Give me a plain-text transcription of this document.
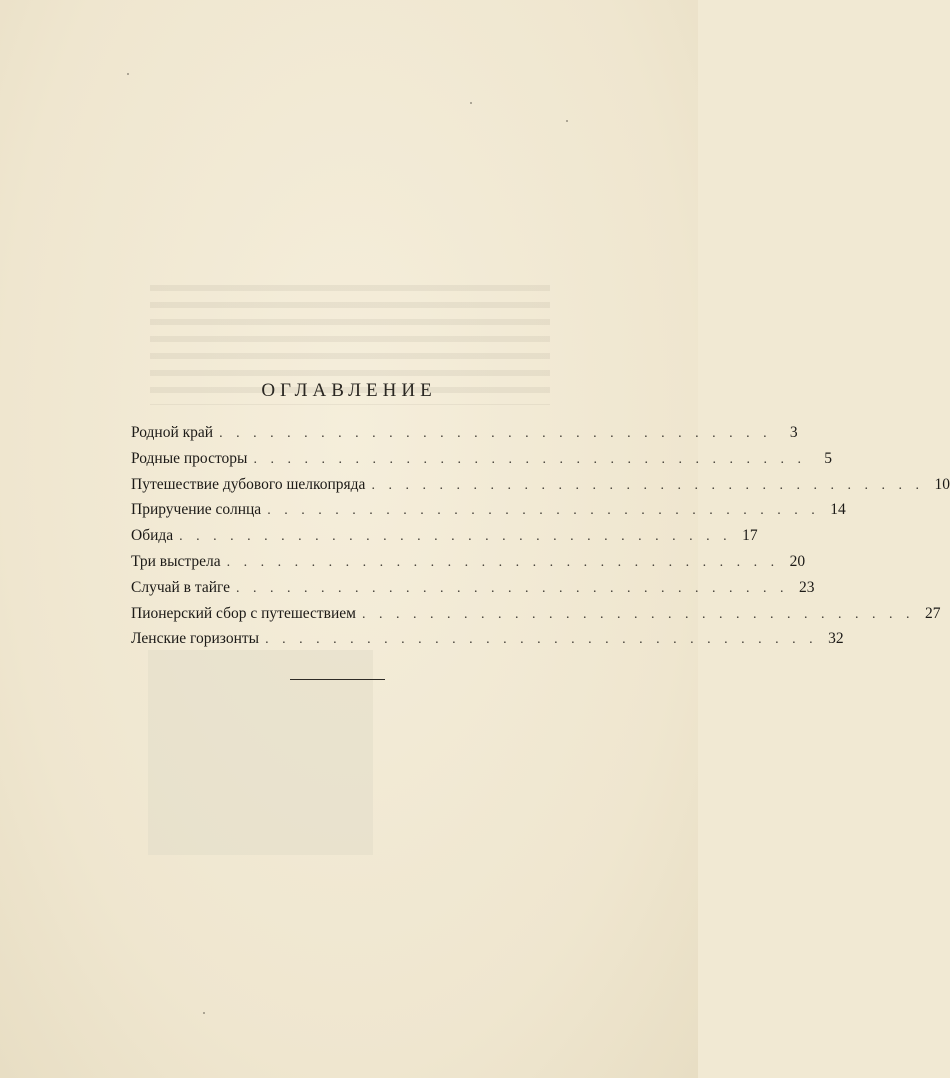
ОГЛАВЛЕНИЕ
Родной край . . . . . . . . . . . . . . . . . . . . . . . . . . . . . . . . .	3
Родные просторы . . . . . . . . . . . . . . . . . . . . . . . . . . . . . . . . .	5
Путешествие дубового шелкопряда . . . . . . . . . . . . . . . . . . . . . . . . . . . . . . . . . 10
Приручение солнца . . . . . . . . . . . . . . . . . . . . . . . . . . . . . . . . . 14
Обида . . . . . . . . . . . . . . . . . . . . . . . . . . . . . . . . . 17
Три выстрела . . . . . . . . . . . . . . . . . . . . . . . . . . . . . . . . . 20
Случай в тайге . . . . . . . . . . . . . . . . . . . . . . . . . . . . . . . . . 23
Пионерский сбор с путешествием . . . . . . . . . . . . . . . . . . . . . . . . . . . . . . . . . 27
Ленские горизонты . . . . . . . . . . . . . . . . . . . . . . . . . . . . . . . . . 32
